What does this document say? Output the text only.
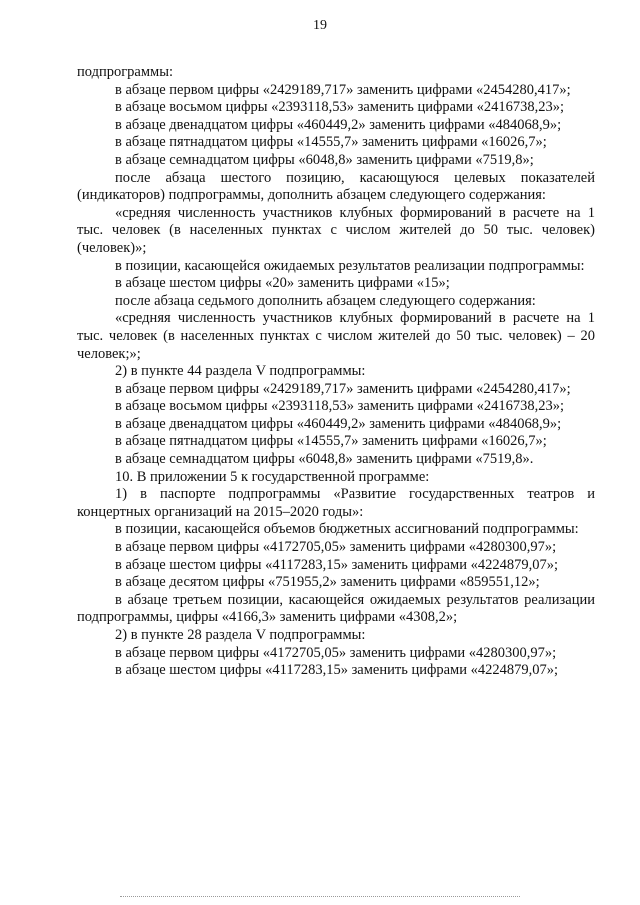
19
подпрограммы:
в абзаце первом цифры «2429189,717» заменить цифрами «2454280,417»;
в абзаце восьмом цифры «2393118,53» заменить цифрами «2416738,23»;
в абзаце двенадцатом цифры «460449,2» заменить цифрами «484068,9»;
в абзаце пятнадцатом цифры «14555,7» заменить цифрами «16026,7»;
в абзаце семнадцатом цифры «6048,8» заменить цифрами «7519,8»;
после абзаца шестого позицию, касающуюся целевых показателей (индикаторов) подпрограммы, дополнить абзацем следующего содержания:
«средняя численность участников клубных формирований в расчете на 1 тыс. человек (в населенных пунктах с числом жителей до 50 тыс. человек) (человек)»;
в позиции, касающейся ожидаемых результатов реализации подпрограммы:
в абзаце шестом цифры «20» заменить цифрами «15»;
после абзаца седьмого дополнить абзацем следующего содержания:
«средняя численность участников клубных формирований в расчете на 1 тыс. человек (в населенных пунктах с числом жителей до 50 тыс. человек) – 20 человек;»;
2) в пункте 44 раздела V подпрограммы:
в абзаце первом цифры «2429189,717» заменить цифрами «2454280,417»;
в абзаце восьмом цифры «2393118,53» заменить цифрами «2416738,23»;
в абзаце двенадцатом цифры «460449,2» заменить цифрами «484068,9»;
в абзаце пятнадцатом цифры «14555,7» заменить цифрами «16026,7»;
в абзаце семнадцатом цифры «6048,8» заменить цифрами «7519,8».
10. В приложении 5 к государственной программе:
1) в паспорте подпрограммы «Развитие государственных театров и концертных организаций на 2015–2020 годы»:
в позиции, касающейся объемов бюджетных ассигнований подпрограммы:
в абзаце первом цифры «4172705,05» заменить цифрами «4280300,97»;
в абзаце шестом цифры «4117283,15» заменить цифрами «4224879,07»;
в абзаце десятом цифры «751955,2» заменить цифрами «859551,12»;
в абзаце третьем позиции, касающейся ожидаемых результатов реализации подпрограммы, цифры «4166,3» заменить цифрами «4308,2»;
2) в пункте 28 раздела V подпрограммы:
в абзаце первом цифры «4172705,05» заменить цифрами «4280300,97»;
в абзаце шестом цифры «4117283,15» заменить цифрами «4224879,07»;
